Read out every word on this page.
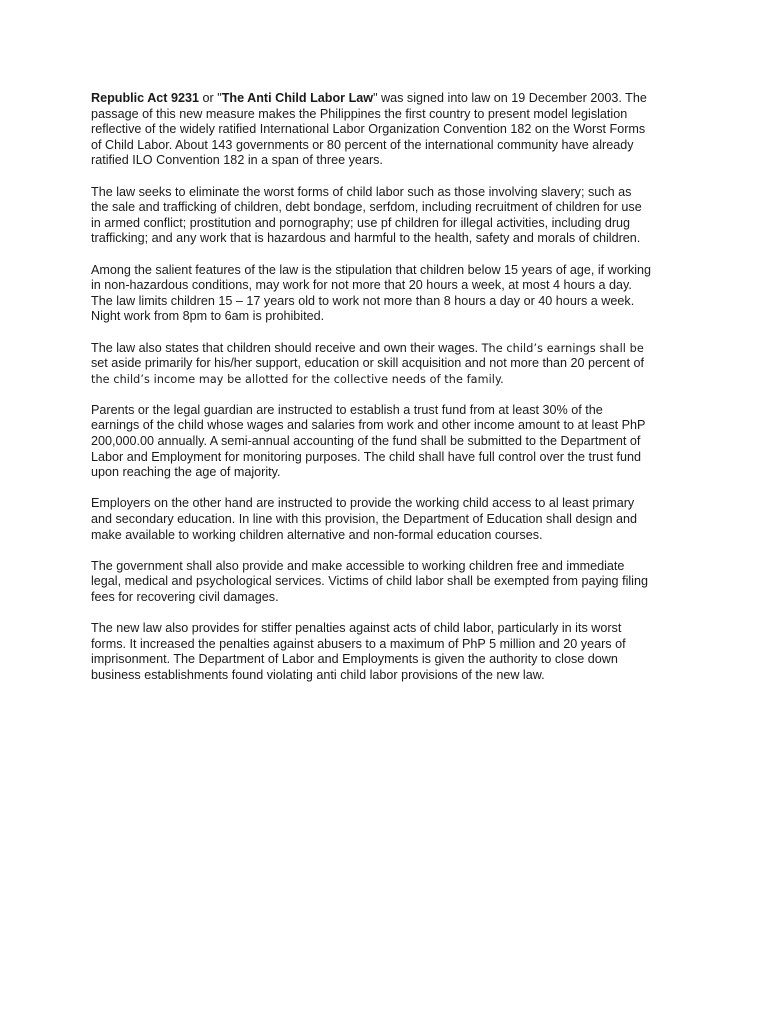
Republic Act 9231 or "The Anti Child Labor Law" was signed into law on 19 December 2003. The
passage of this new measure makes the Philippines the first country to present model legislation
reflective of the widely ratified International Labor Organization Convention 182 on the Worst Forms
of Child Labor. About 143 governments or 80 percent of the international community have already
ratified ILO Convention 182 in a span of three years.

The law seeks to eliminate the worst forms of child labor such as those involving slavery; such as
the sale and trafficking of children, debt bondage, serfdom, including recruitment of children for use
in armed conflict; prostitution and pornography; use pf children for illegal activities, including drug
trafficking; and any work that is hazardous and harmful to the health, safety and morals of children.

Among the salient features of the law is the stipulation that children below 15 years of age, if working
in non-hazardous conditions, may work for not more that 20 hours a week, at most 4 hours a day.
The law limits children 15 – 17 years old to work not more than 8 hours a day or 40 hours a week.
Night work from 8pm to 6am is prohibited.

The law also states that children should receive and own their wages. The child’s earnings shall be
set aside primarily for his/her support, education or skill acquisition and not more than 20 percent of
the child’s income may be allotted for the collective needs of the family.

Parents or the legal guardian are instructed to establish a trust fund from at least 30% of the
earnings of the child whose wages and salaries from work and other income amount to at least PhP
200,000.00 annually. A semi-annual accounting of the fund shall be submitted to the Department of
Labor and Employment for monitoring purposes. The child shall have full control over the trust fund
upon reaching the age of majority.

Employers on the other hand are instructed to provide the working child access to al least primary
and secondary education. In line with this provision, the Department of Education shall design and
make available to working children alternative and non-formal education courses.

The government shall also provide and make accessible to working children free and immediate
legal, medical and psychological services. Victims of child labor shall be exempted from paying filing
fees for recovering civil damages.

The new law also provides for stiffer penalties against acts of child labor, particularly in its worst
forms. It increased the penalties against abusers to a maximum of PhP 5 million and 20 years of
imprisonment. The Department of Labor and Employments is given the authority to close down
business establishments found violating anti child labor provisions of the new law.
